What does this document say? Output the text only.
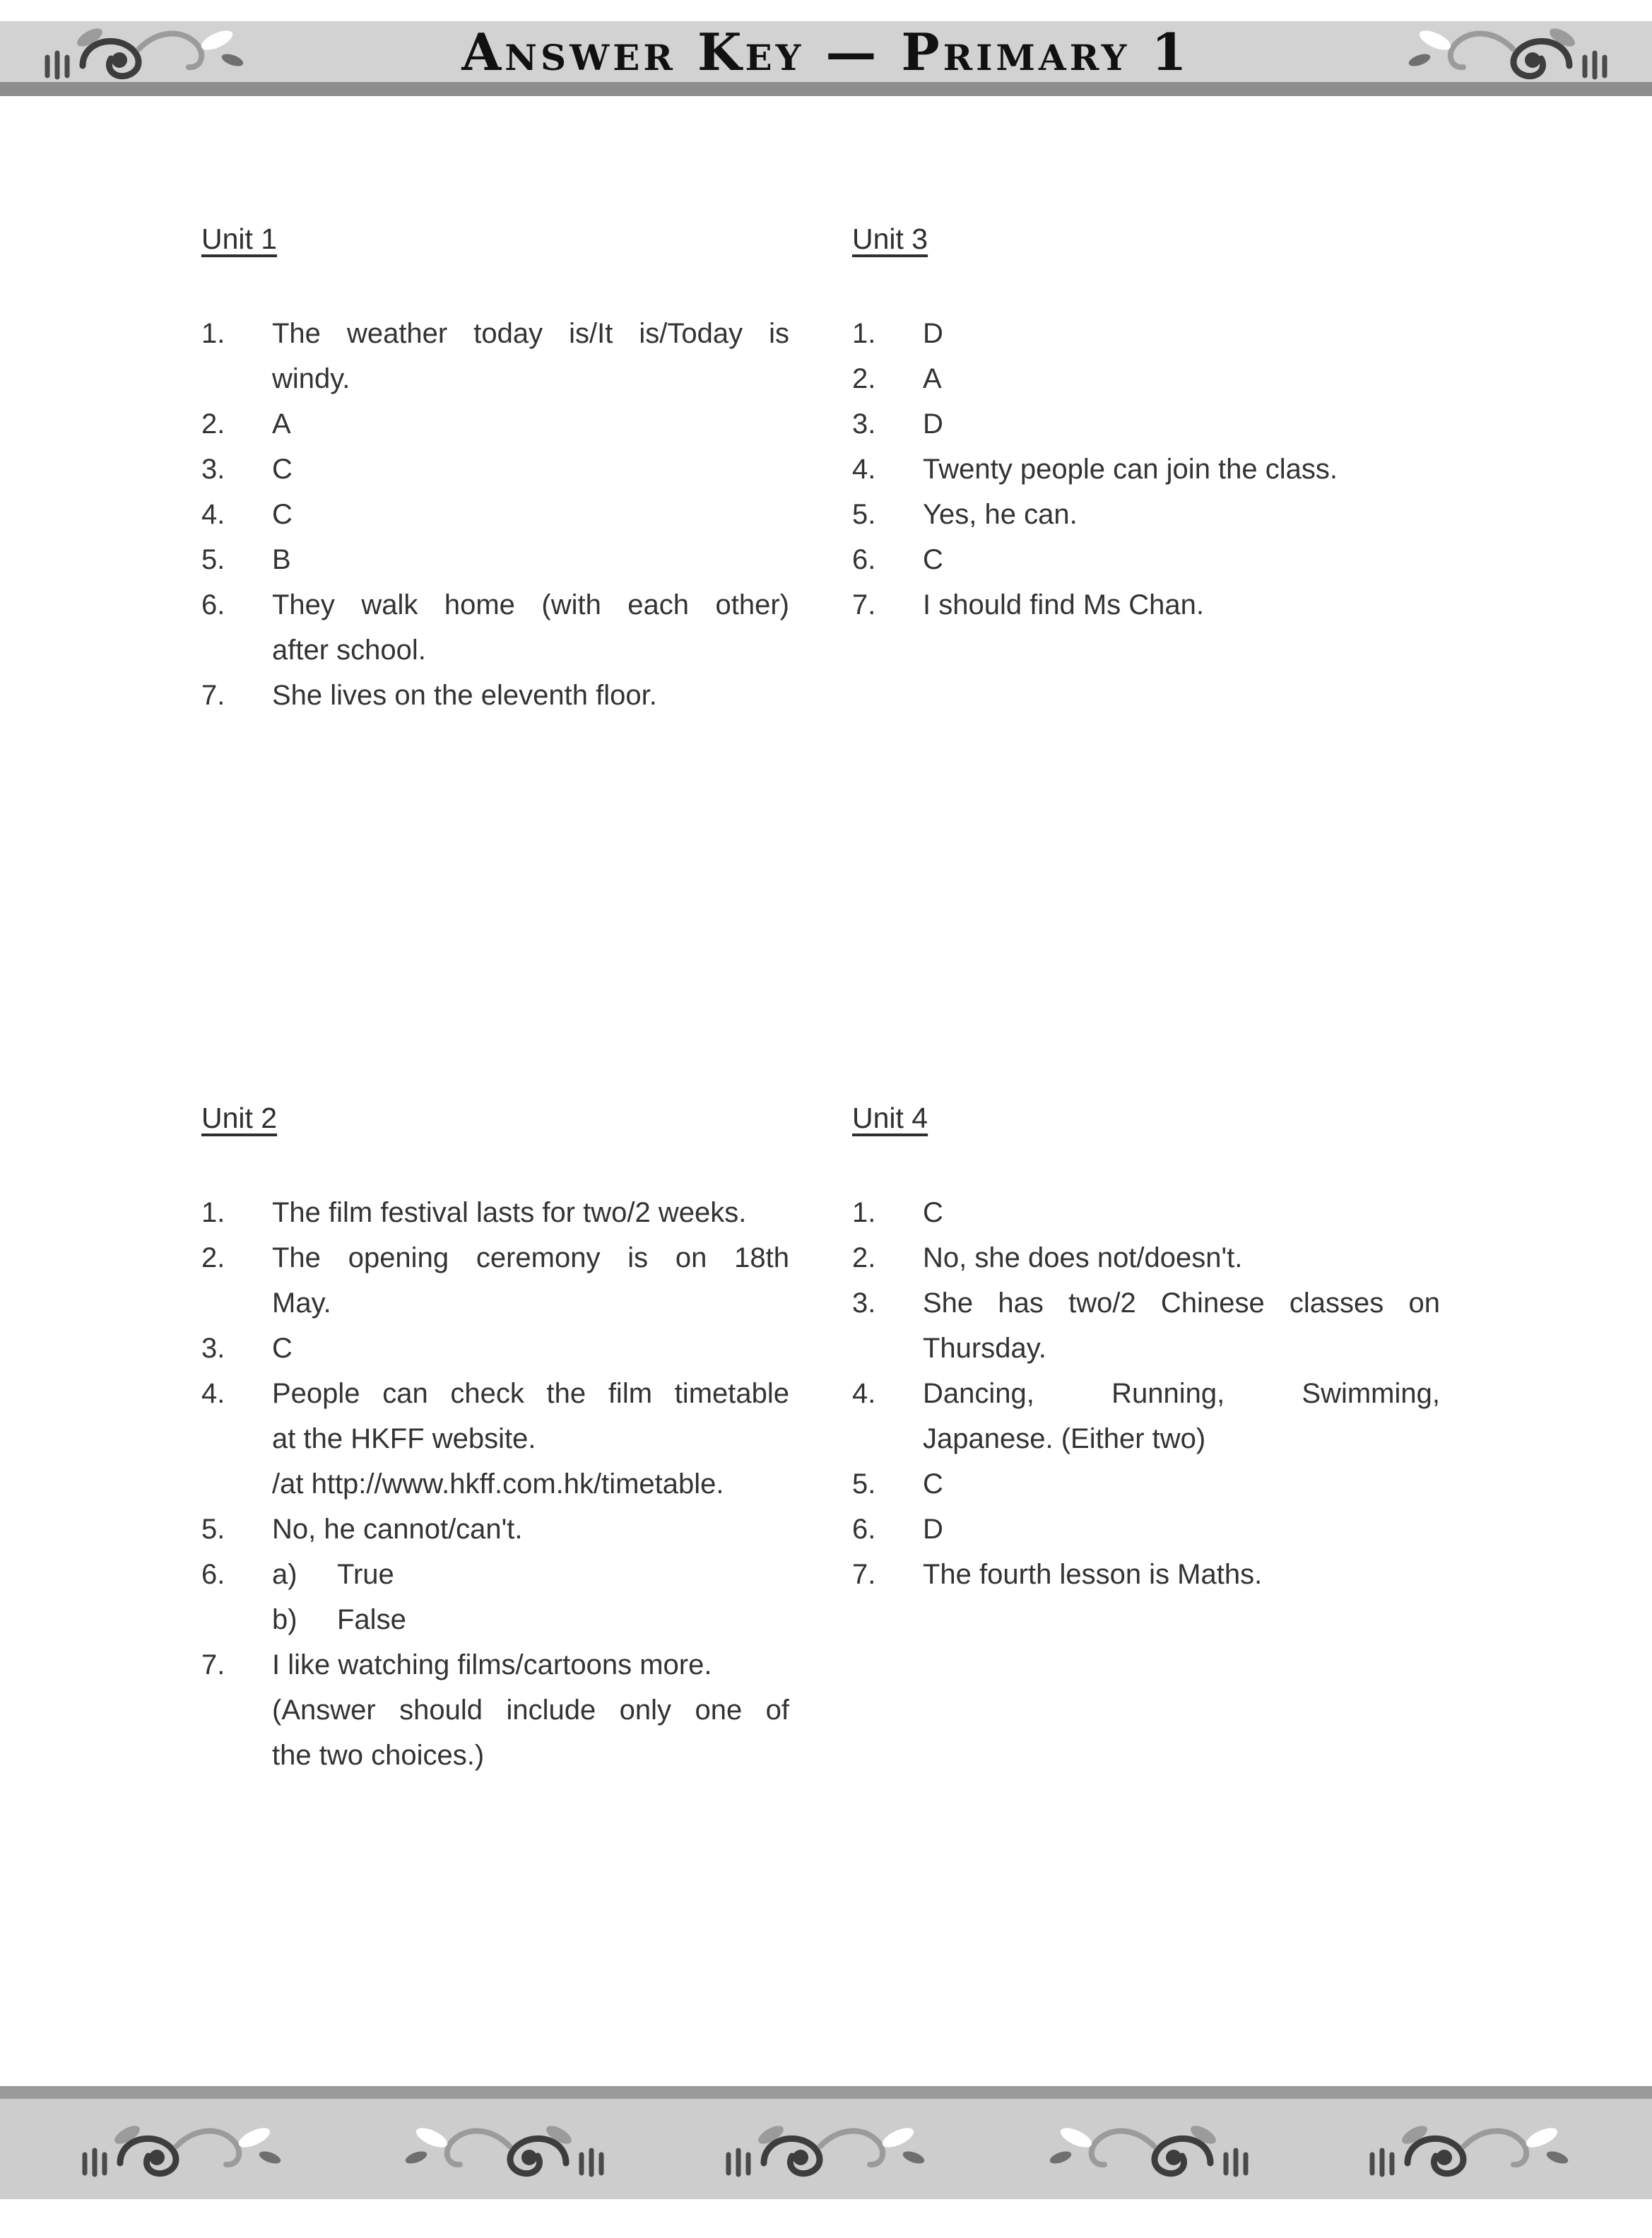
Answer Key — Primary 1
Unit 1
1.	The weather today is/It is/Today is
windy.
2.	A
3.	C
4.	C
5.	B
6.	They walk home (with each other)
after school.
7.	She lives on the eleventh floor.
Unit 2
1.	The film festival lasts for two/2 weeks.
2.	The opening ceremony is on 18th
May.
3.	C
4.	People can check the film timetable
at the HKFF website.
/at http://www.hkff.com.hk/timetable.
5.	No, he cannot/can't.
6.	a)	True
b)	False
7.	I like watching films/cartoons more.
(Answer should include only one of
the two choices.)
Unit 3
1.	D
2.	A
3.	D
4.	Twenty people can join the class.
5.	Yes, he can.
6.	C
7.	I should find Ms Chan.
Unit 4
1.	C
2.	No, she does not/doesn't.
3.	She has two/2 Chinese classes on
Thursday.
4.	Dancing, Running, Swimming,
Japanese. (Either two)
5.	C
6.	D
7.	The fourth lesson is Maths.
